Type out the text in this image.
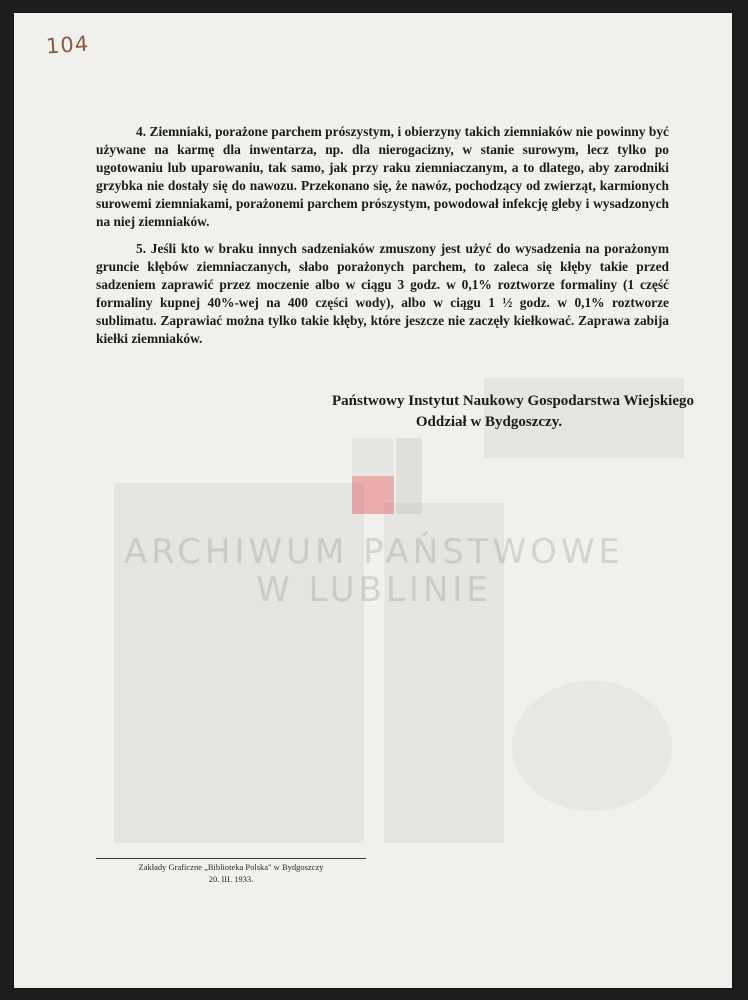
104
ARCHIWUM PAŃSTWOWE
W LUBLINIE

4. Ziemniaki, porażone parchem prószystym, i obierzyny takich ziemniaków nie powinny być używane na karmę dla inwentarza, np. dla nierogacizny, w stanie surowym, lecz tylko po ugotowaniu lub uparowaniu, tak samo, jak przy raku ziemniaczanym, a to dlatego, aby zarodniki grzybka nie dostały się do nawozu. Przekonano się, że nawóz, pochodzący od zwierząt, karmionych surowemi ziemniakami, porażonemi parchem prószystym, powodował infekcję gleby i wysadzonych na niej ziemniaków.

5. Jeśli kto w braku innych sadzeniaków zmuszony jest użyć do wysadzenia na porażonym gruncie kłębów ziemniaczanych, słabo porażonych parchem, to zaleca się kłęby takie przed sadzeniem zaprawić przez moczenie albo w ciągu 3 godz. w 0,1% roztworze formaliny (1 część formaliny kupnej 40%-wej na 400 części wody), albo w ciągu 1 ½ godz. w 0,1% roztworze sublimatu. Zaprawiać można tylko takie kłęby, które jeszcze nie zaczęły kiełkować. Zaprawa zabija kiełki ziemniaków.

Państwowy Instytut Naukowy Gospodarstwa Wiejskiego
Oddział w Bydgoszczy.
Zakłady Graficzne „Biblioteka Polska" w Bydgoszczy
20. III. 1933.
